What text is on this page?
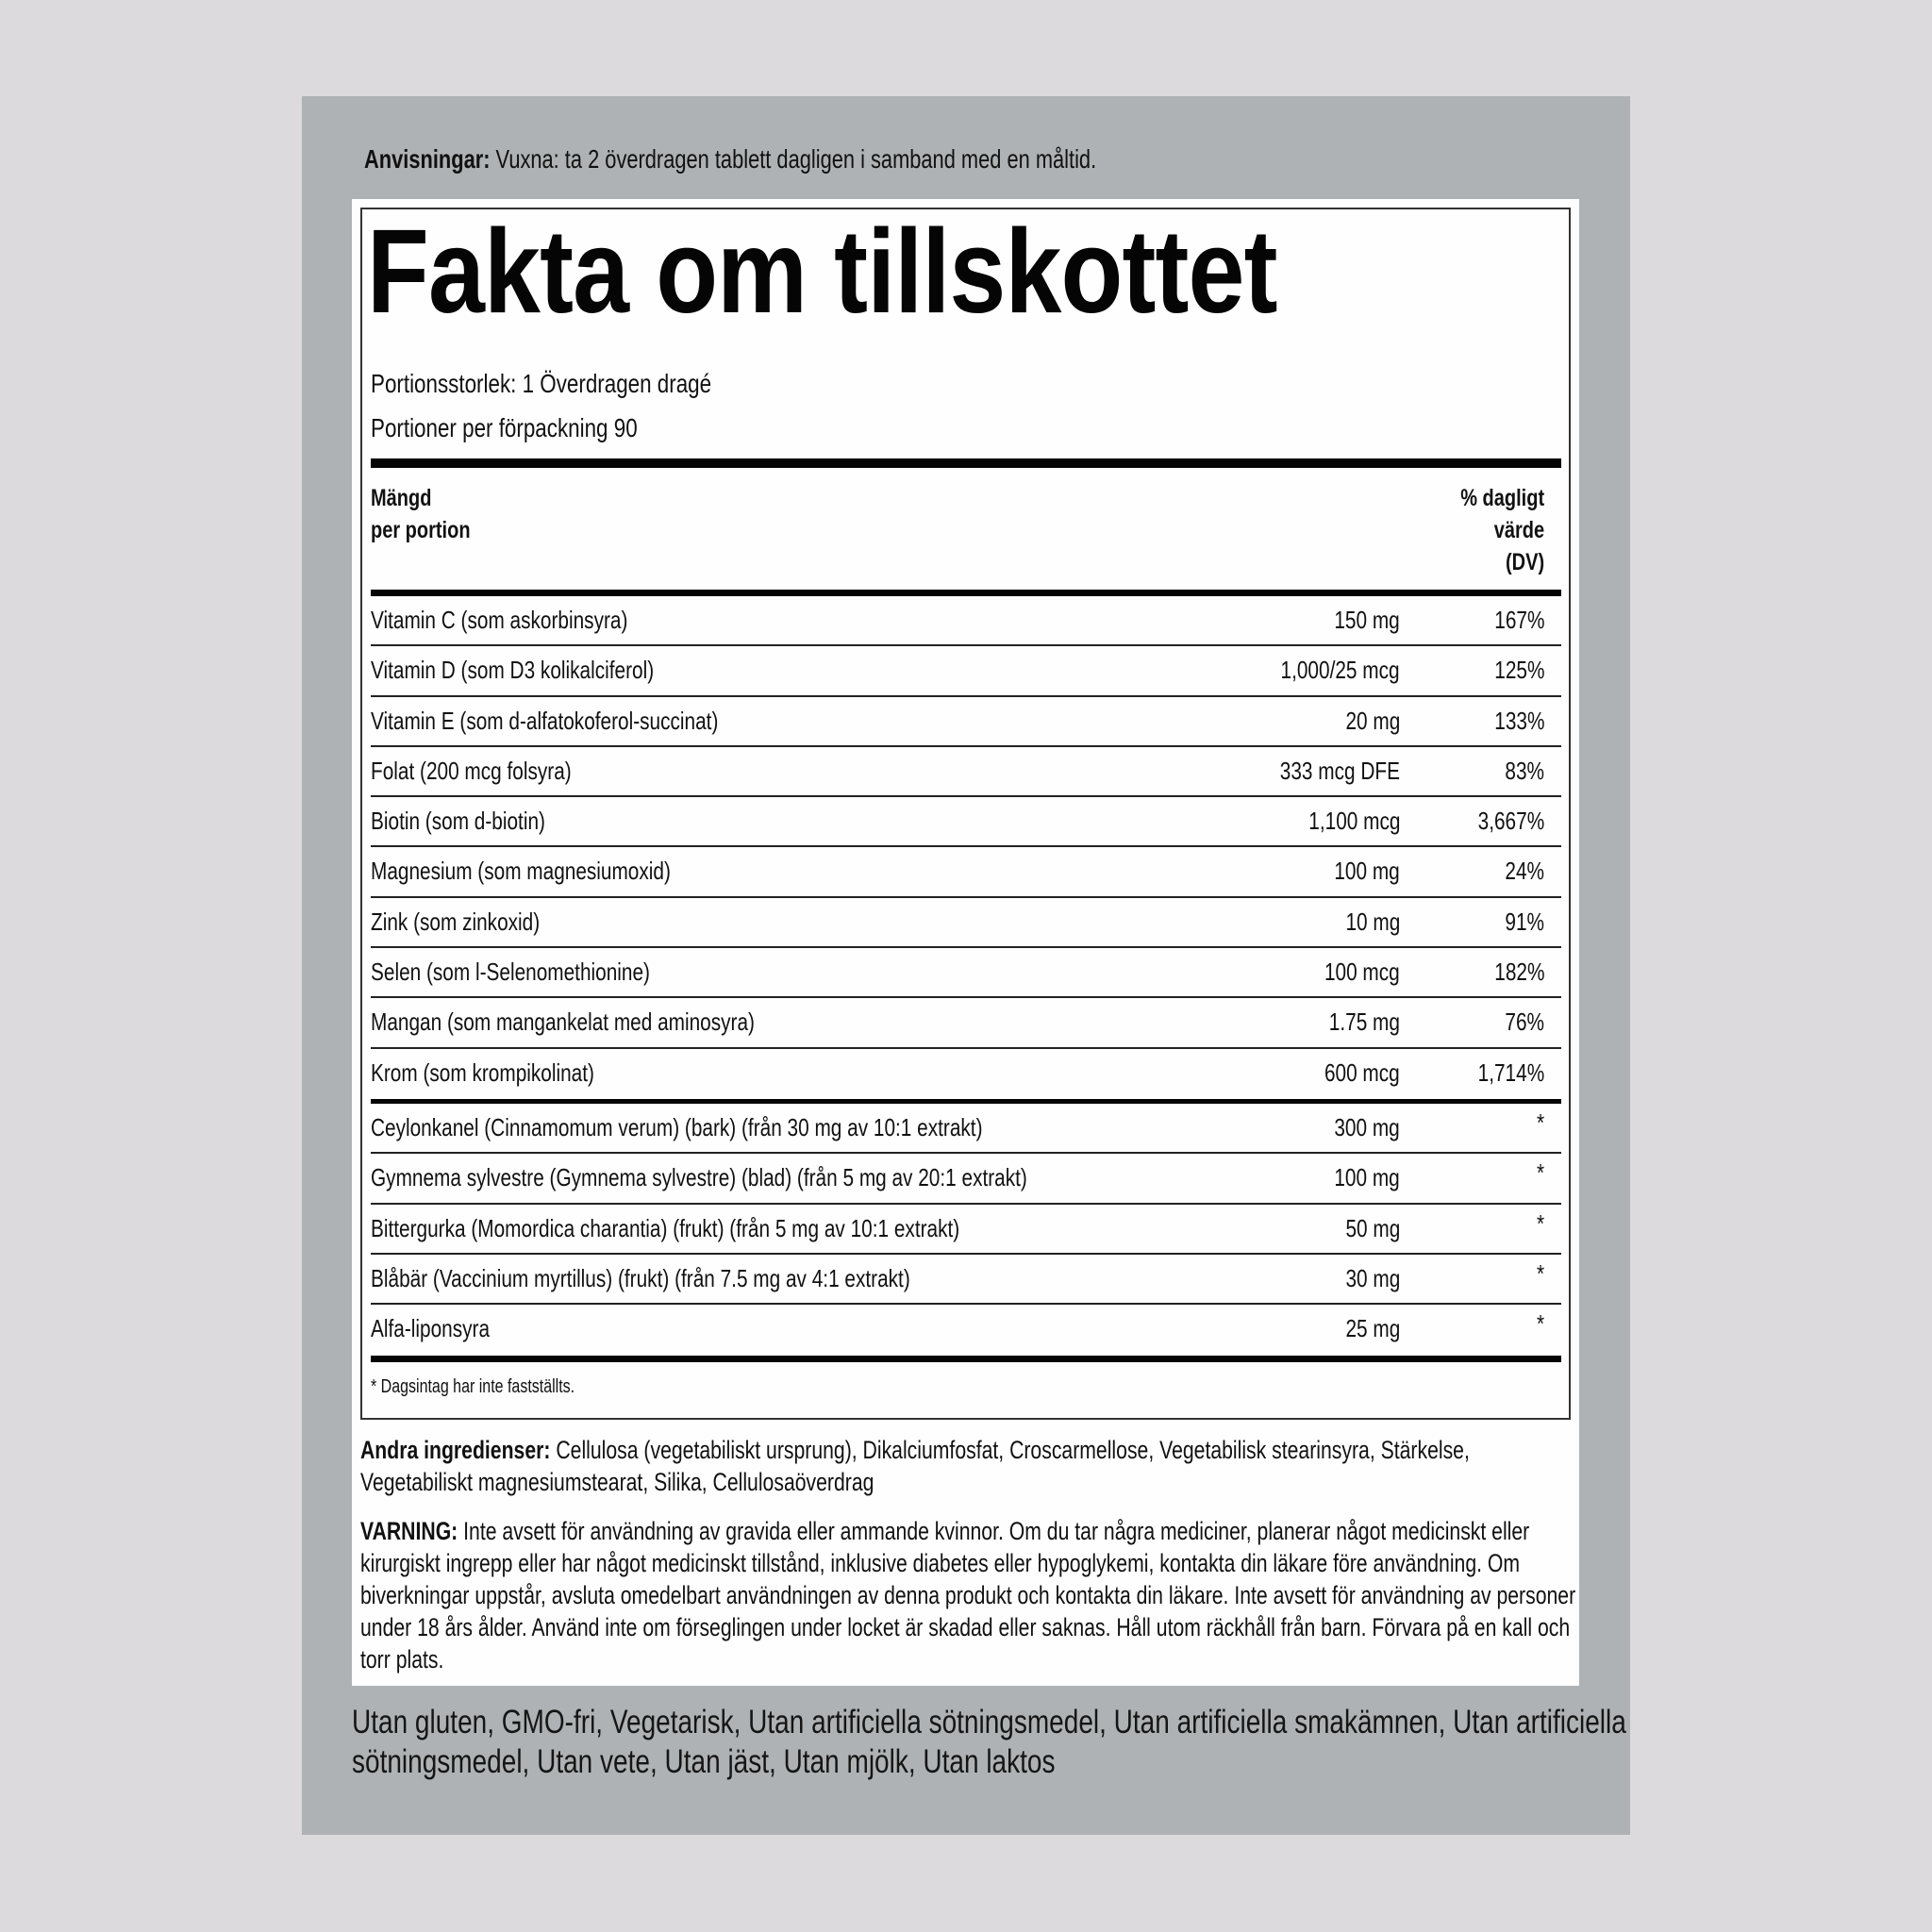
Anvisningar: Vuxna: ta 2 överdragen tablett dagligen i samband med en måltid.
Fakta om tillskottet
Portionsstorlek: 1 Överdragen dragé
Portioner per förpackning 90
Mängd
per portion
% dagligt
värde
(DV)
Vitamin C (som askorbinsyra)	150 mg	167%
Vitamin D (som D3 kolikalciferol)	1,000/25 mcg	125%
Vitamin E (som d-alfatokoferol-succinat)	20 mg	133%
Folat (200 mcg folsyra)	333 mcg DFE	83%
Biotin (som d-biotin)	1,100 mcg	3,667%
Magnesium (som magnesiumoxid)	100 mg	24%
Zink (som zinkoxid)	10 mg	91%
Selen (som l-Selenomethionine)	100 mcg	182%
Mangan (som mangankelat med aminosyra)	1.75 mg	76%
Krom (som krompikolinat)	600 mcg	1,714%
Ceylonkanel (Cinnamomum verum) (bark) (från 30 mg av 10:1 extrakt)	300 mg	*
Gymnema sylvestre (Gymnema sylvestre) (blad) (från 5 mg av 20:1 extrakt)	100 mg	*
Bittergurka (Momordica charantia) (frukt) (från 5 mg av 10:1 extrakt)	50 mg	*
Blåbär (Vaccinium myrtillus) (frukt) (från 7.5 mg av 4:1 extrakt)	30 mg	*
Alfa-liponsyra	25 mg	*
* Dagsintag har inte fastställts.
Andra ingredienser: Cellulosa (vegetabiliskt ursprung), Dikalciumfosfat, Croscarmellose, Vegetabilisk stearinsyra, Stärkelse, Vegetabiliskt magnesiumstearat, Silika, Cellulosaöverdrag
VARNING: Inte avsett för användning av gravida eller ammande kvinnor. Om du tar några mediciner, planerar något medicinskt eller kirurgiskt ingrepp eller har något medicinskt tillstånd, inklusive diabetes eller hypoglykemi, kontakta din läkare före användning. Om biverkningar uppstår, avsluta omedelbart användningen av denna produkt och kontakta din läkare. Inte avsett för användning av personer under 18 års ålder. Använd inte om förseglingen under locket är skadad eller saknas. Håll utom räckhåll från barn. Förvara på en kall och torr plats.
Utan gluten, GMO-fri, Vegetarisk, Utan artificiella sötningsmedel, Utan artificiella smakämnen, Utan artificiella sötningsmedel, Utan vete, Utan jäst, Utan mjölk, Utan laktos
